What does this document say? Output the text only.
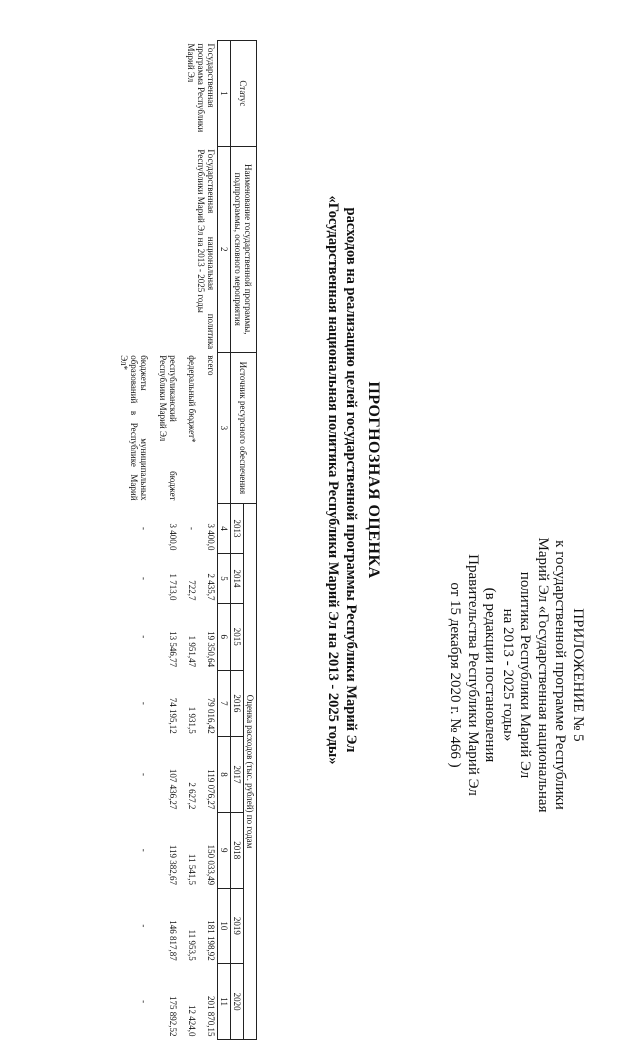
ПРИЛОЖЕНИЕ № 5
к государственной программе Республики
Марий Эл «Государственная национальная
политика Республики Марий Эл
на 2013 - 2025 годы»
(в редакции постановления
Правительства Республики Марий Эл
от 15 декабря 2020 г. № 466 )
ПРОГНОЗНАЯ ОЦЕНКА
расходов на реализацию целей государственной программы Республики Марий Эл
«Государственная национальная политика Республики Марий Эл на 2013 - 2025 годы»
Статус	Наименование государственной программы, подпрограммы, основного мероприятия	Источник ресурсного обеспечения	Оценка расходов (тыс. рублей) по годам							
			2013	2014	2015	2016	2017	2018	2019	2020
1	2	3	4	5	6	7	8	9	10	11
Государственная программа Республики Марий Эл	Государственная национальная политика Республики Марий Эл на 2013 - 2025 годы	всего	3 400,0	2 435,7	19 350,64	79 016,42	119 076,27	150 033,49	181 198,92	201 870,15
		федеральный бюджет*	-	722,7	1 951,47	1 931,5	2 627,2	11 541,5	11 953,5	12 424,0
		республиканский бюджет Республики Марий Эл	3 400,0	1 713,0	13 546,77	74 195,12	107 436,27	119 382,67	146 817,87	175 892,52
		бюджеты муниципальных образований в Республике Марий Эл*	-	-	-	-	-	-	-	-
